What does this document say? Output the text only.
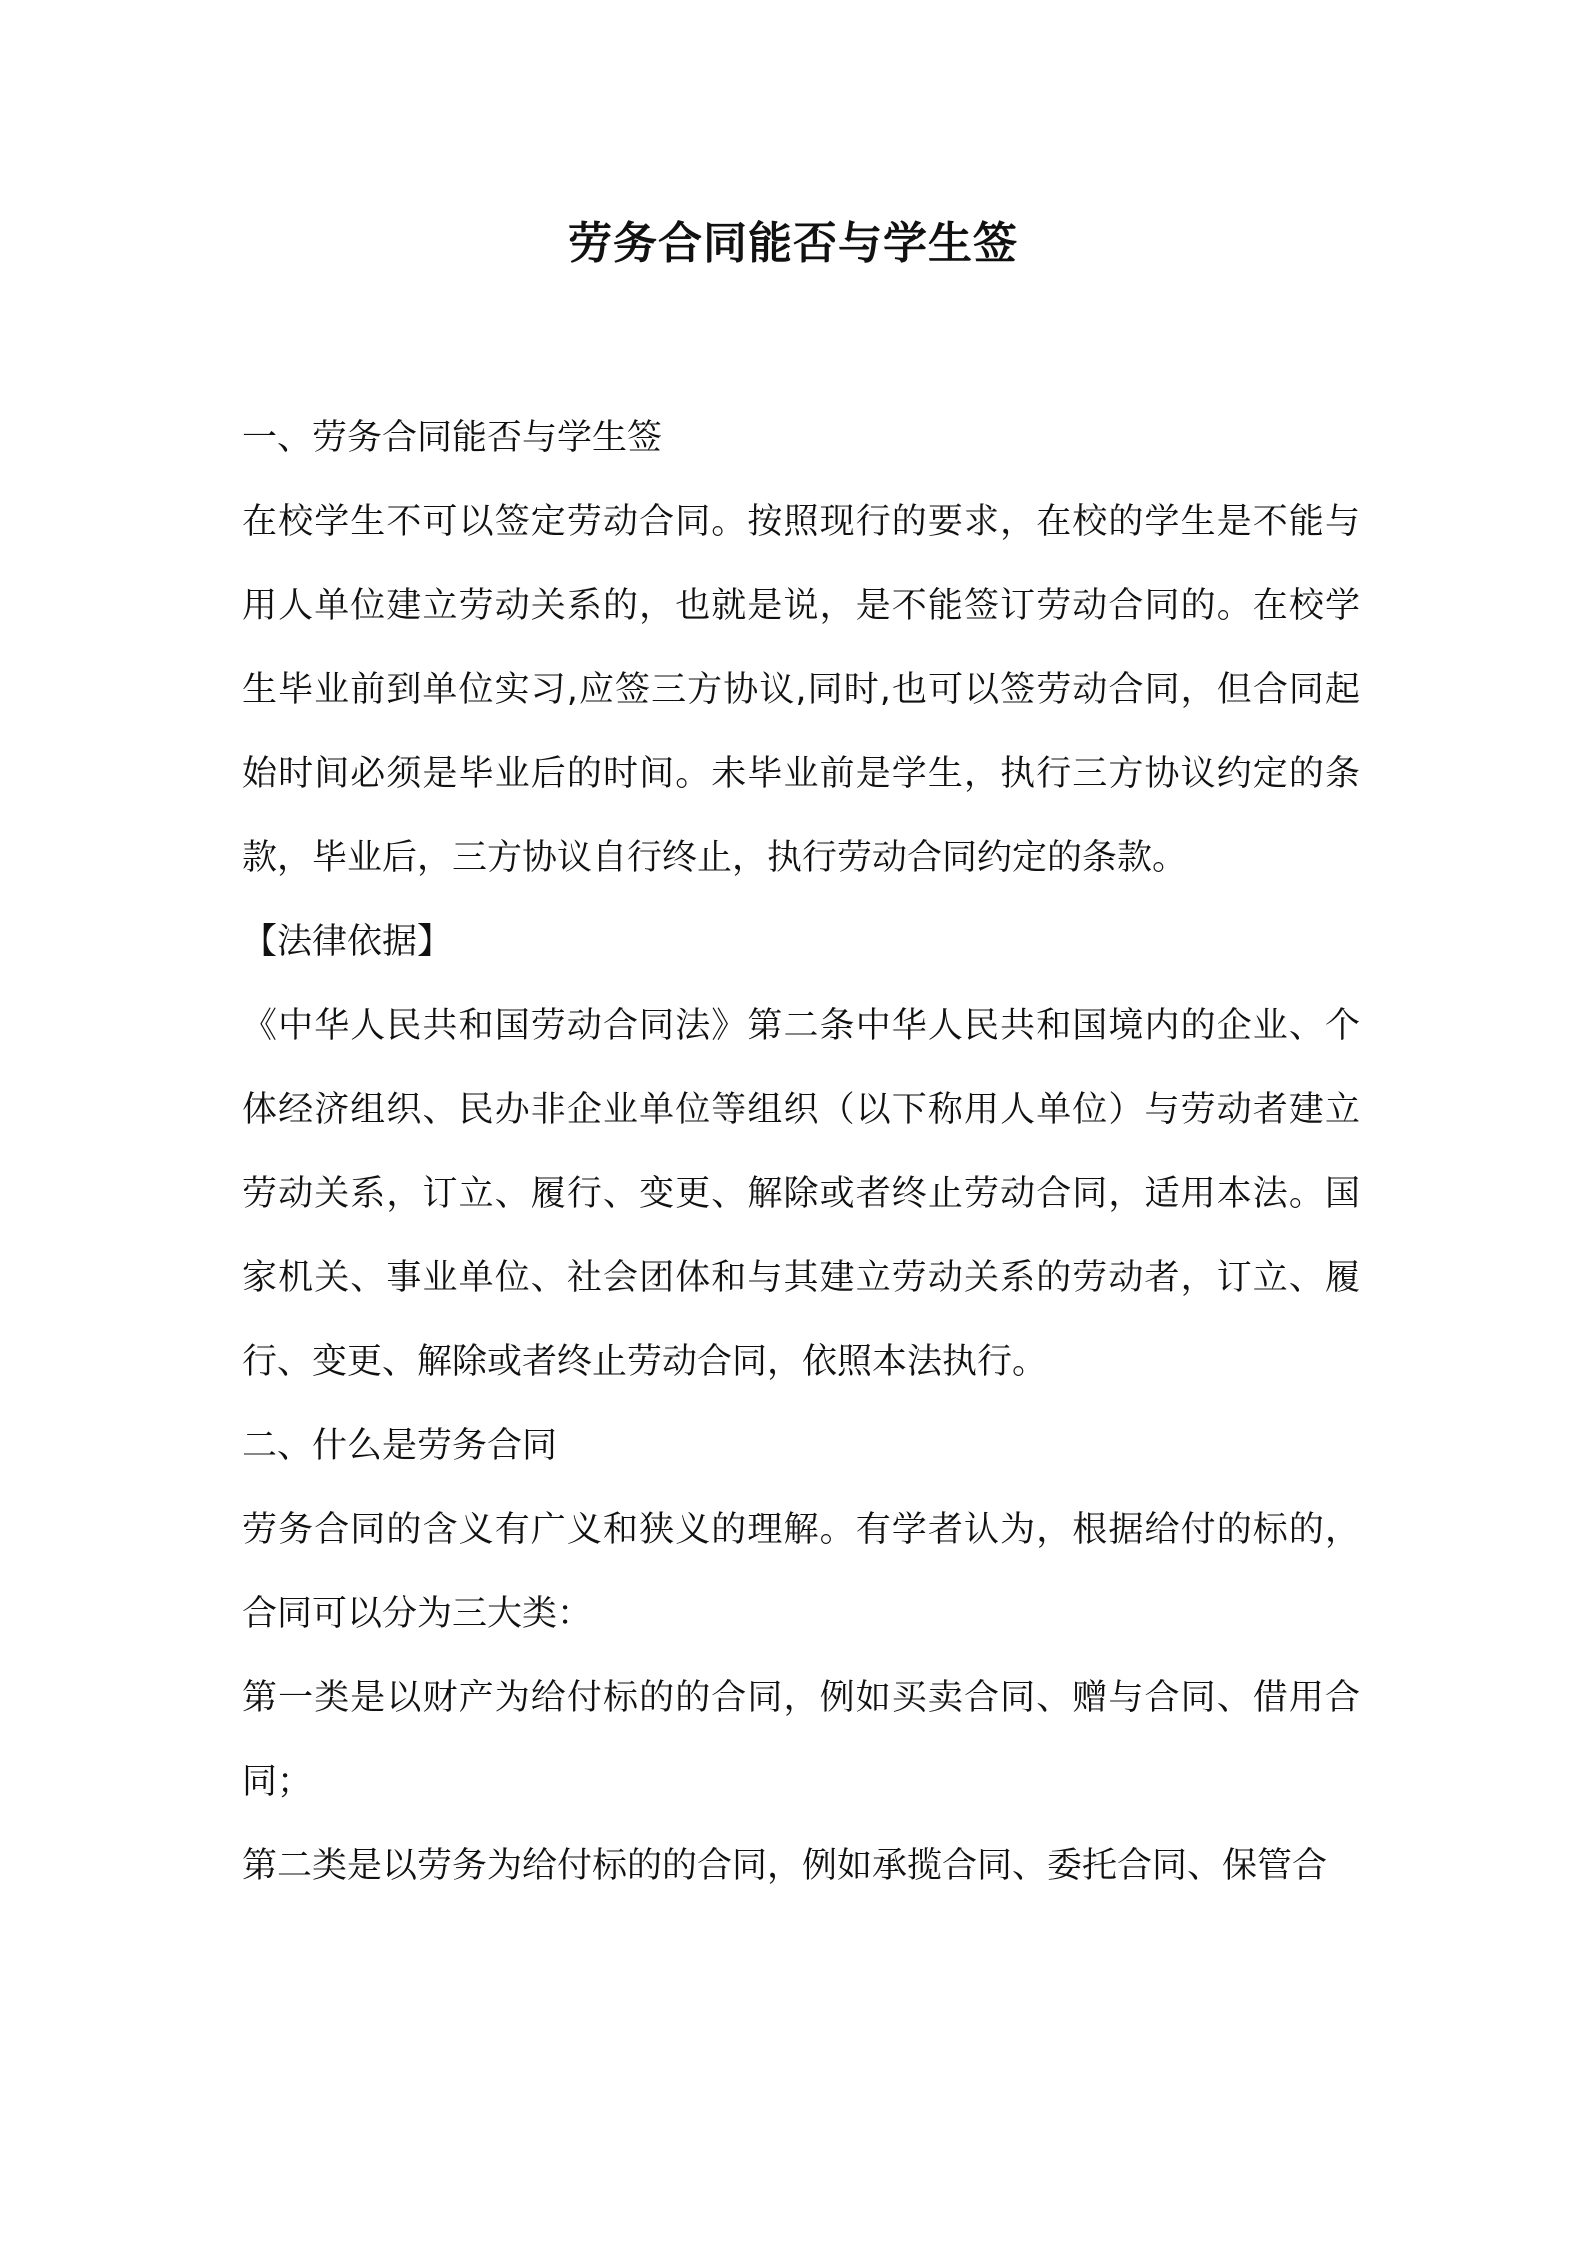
劳务合同能否与学生签

一、劳务合同能否与学生签

在校学生不可以签定劳动合同。按照现行的要求，在校的学生是不能与用人单位建立劳动关系的，也就是说，是不能签订劳动合同的。在校学生毕业前到单位实习,应签三方协议,同时,也可以签劳动合同，但合同起始时间必须是毕业后的时间。未毕业前是学生，执行三方协议约定的条款，毕业后，三方协议自行终止，执行劳动合同约定的条款。

【法律依据】

《中华人民共和国劳动合同法》第二条中华人民共和国境内的企业、个体经济组织、民办非企业单位等组织（以下称用人单位）与劳动者建立劳动关系，订立、履行、变更、解除或者终止劳动合同，适用本法。国家机关、事业单位、社会团体和与其建立劳动关系的劳动者，订立、履行、变更、解除或者终止劳动合同，依照本法执行。

二、什么是劳务合同

劳务合同的含义有广义和狭义的理解。有学者认为，根据给付的标的，合同可以分为三大类：

第一类是以财产为给付标的的合同，例如买卖合同、赠与合同、借用合同；

第二类是以劳务为给付标的的合同，例如承揽合同、委托合同、保管合
